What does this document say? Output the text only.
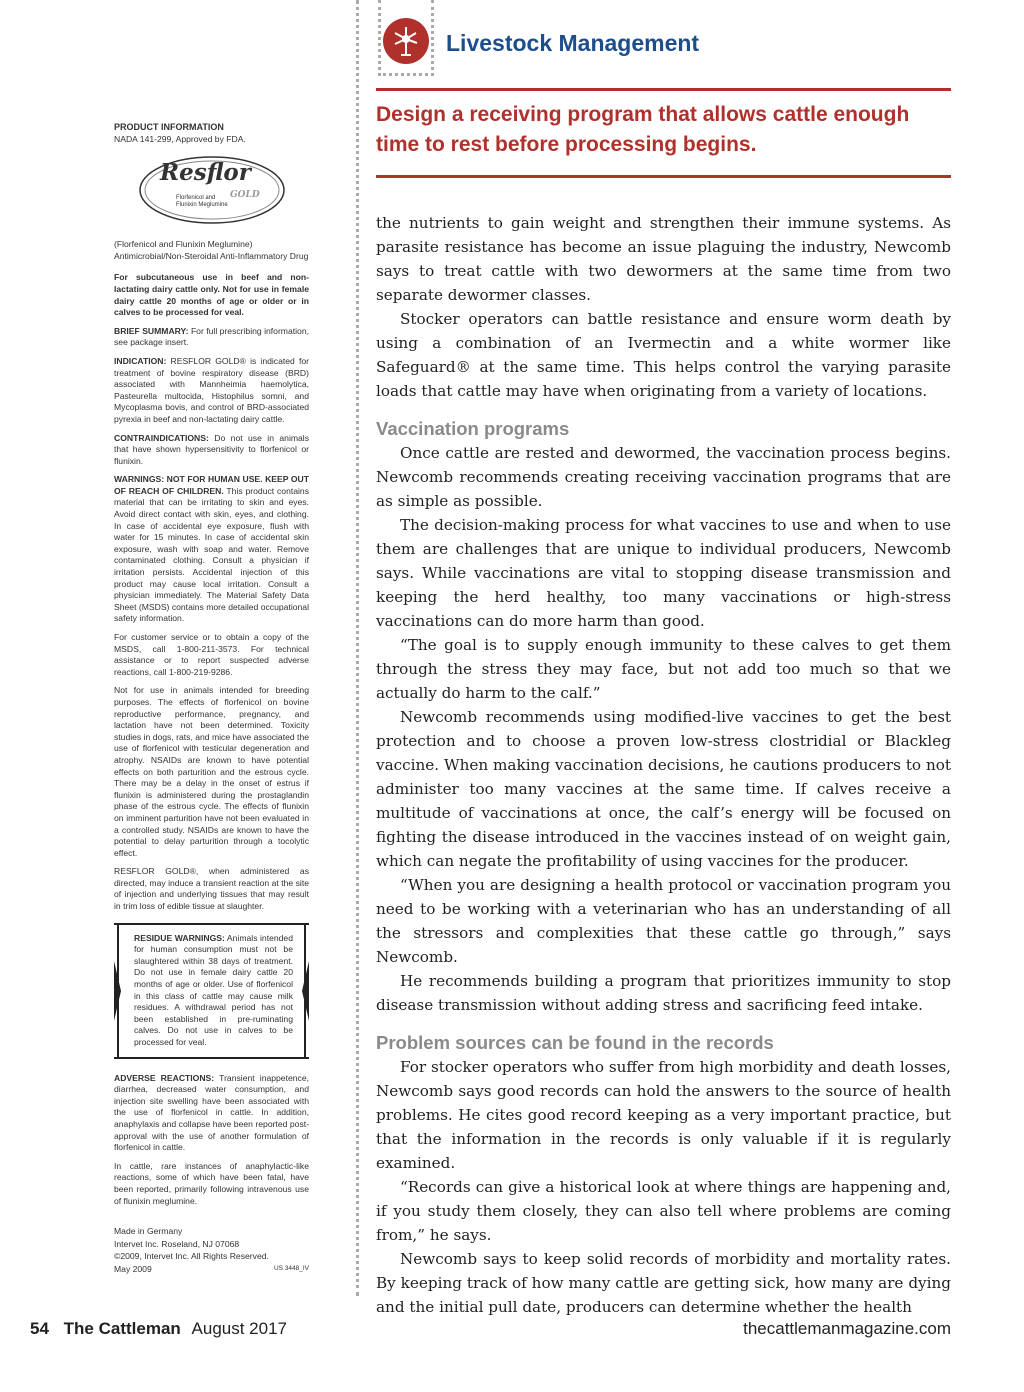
Livestock Management
Design a receiving program that allows cattle enough time to rest before processing begins.

PRODUCT INFORMATION

NADA 141-299, Approved by FDA.

Resflor
GOLD
Florfenicol and
Flunixin Meglumine

(Florfenicol and Flunixin Meglumine)
Antimicrobial/Non-Steroidal Anti-Inflammatory Drug

For subcutaneous use in beef and non-lactating dairy cattle only. Not for use in female dairy cattle 20 months of age or older or in calves to be processed for veal.

BRIEF SUMMARY: For full prescribing information, see package insert.

INDICATION: RESFLOR GOLD® is indicated for treatment of bovine respiratory disease (BRD) associated with Mannheimia haemolytica, Pasteurella multocida, Histophilus somni, and Mycoplasma bovis, and control of BRD-associated pyrexia in beef and non-lactating dairy cattle.

CONTRAINDICATIONS: Do not use in animals that have shown hypersensitivity to florfenicol or flunixin.

WARNINGS: NOT FOR HUMAN USE. KEEP OUT OF REACH OF CHILDREN. This product contains material that can be irritating to skin and eyes. Avoid direct contact with skin, eyes, and clothing. In case of accidental eye exposure, flush with water for 15 minutes. In case of accidental skin exposure, wash with soap and water. Remove contaminated clothing. Consult a physician if irritation persists. Accidental injection of this product may cause local irritation. Consult a physician immediately. The Material Safety Data Sheet (MSDS) contains more detailed occupational safety information.

For customer service or to obtain a copy of the MSDS, call 1-800-211-3573. For technical assistance or to report suspected adverse reactions, call 1-800-219-9286.

Not for use in animals intended for breeding purposes. The effects of florfenicol on bovine reproductive performance, pregnancy, and lactation have not been determined. Toxicity studies in dogs, rats, and mice have associated the use of florfenicol with testicular degeneration and atrophy. NSAIDs are known to have potential effects on both parturition and the estrous cycle. There may be a delay in the onset of estrus if flunixin is administered during the prostaglandin phase of the estrous cycle. The effects of flunixin on imminent parturition have not been evaluated in a controlled study. NSAIDs are known to have the potential to delay parturition through a tocolytic effect.

RESFLOR GOLD®, when administered as directed, may induce a transient reaction at the site of injection and underlying tissues that may result in trim loss of edible tissue at slaughter.

RESIDUE WARNINGS: Animals intended for human consumption must not be slaughtered within 38 days of treatment. Do not use in female dairy cattle 20 months of age or older. Use of florfenicol in this class of cattle may cause milk residues. A withdrawal period has not been established in pre-ruminating calves. Do not use in calves to be processed for veal.

ADVERSE REACTIONS: Transient inappetence, diarrhea, decreased water consumption, and injection site swelling have been associated with the use of florfenicol in cattle. In addition, anaphylaxis and collapse have been reported post-approval with the use of another formulation of florfenicol in cattle.

In cattle, rare instances of anaphylactic-like reactions, some of which have been fatal, have been reported, primarily following intravenous use of flunixin meglumine.

Made in Germany
Intervet Inc. Roseland, NJ 07068
©2009, Intervet Inc. All Rights Reserved.
May 2009	US 3448_IV

the nutrients to gain weight and strengthen their immune systems. As parasite resistance has become an issue plaguing the industry, Newcomb says to treat cattle with two dewormers at the same time from two separate dewormer classes.

Stocker operators can battle resistance and ensure worm death by using a combination of an Ivermectin and a white wormer like Safeguard® at the same time. This helps control the varying parasite loads that cattle may have when originating from a variety of locations.

Vaccination programs

Once cattle are rested and dewormed, the vaccination process begins. Newcomb recommends creating receiving vaccination programs that are as simple as possible.

The decision-making process for what vaccines to use and when to use them are challenges that are unique to individual producers, Newcomb says. While vaccinations are vital to stopping disease transmission and keeping the herd healthy, too many vaccinations or high-stress vaccinations can do more harm than good.

“The goal is to supply enough immunity to these calves to get them through the stress they may face, but not add too much so that we actually do harm to the calf.”

Newcomb recommends using modified-live vaccines to get the best protection and to choose a proven low-stress clostridial or Blackleg vaccine. When making vaccination decisions, he cautions producers to not administer too many vaccines at the same time. If calves receive a multitude of vaccinations at once, the calf’s energy will be focused on fighting the disease introduced in the vaccines instead of on weight gain, which can negate the profitability of using vaccines for the producer.

“When you are designing a health protocol or vaccination program you need to be working with a veterinarian who has an understanding of all the stressors and complexities that these cattle go through,” says Newcomb.

He recommends building a program that prioritizes immunity to stop disease transmission without adding stress and sacrificing feed intake.

Problem sources can be found in the records

For stocker operators who suffer from high morbidity and death losses, Newcomb says good records can hold the answers to the source of health problems. He cites good record keeping as a very important practice, but that the information in the records is only valuable if it is regularly examined.

“Records can give a historical look at where things are happening and, if you study them closely, they can also tell where problems are coming from,” he says.

Newcomb says to keep solid records of morbidity and mortality rates. By keeping track of how many cattle are getting sick, how many are dying and the initial pull date, producers can determine whether the health

54 The Cattleman August 2017	thecattlemanmagazine.com
